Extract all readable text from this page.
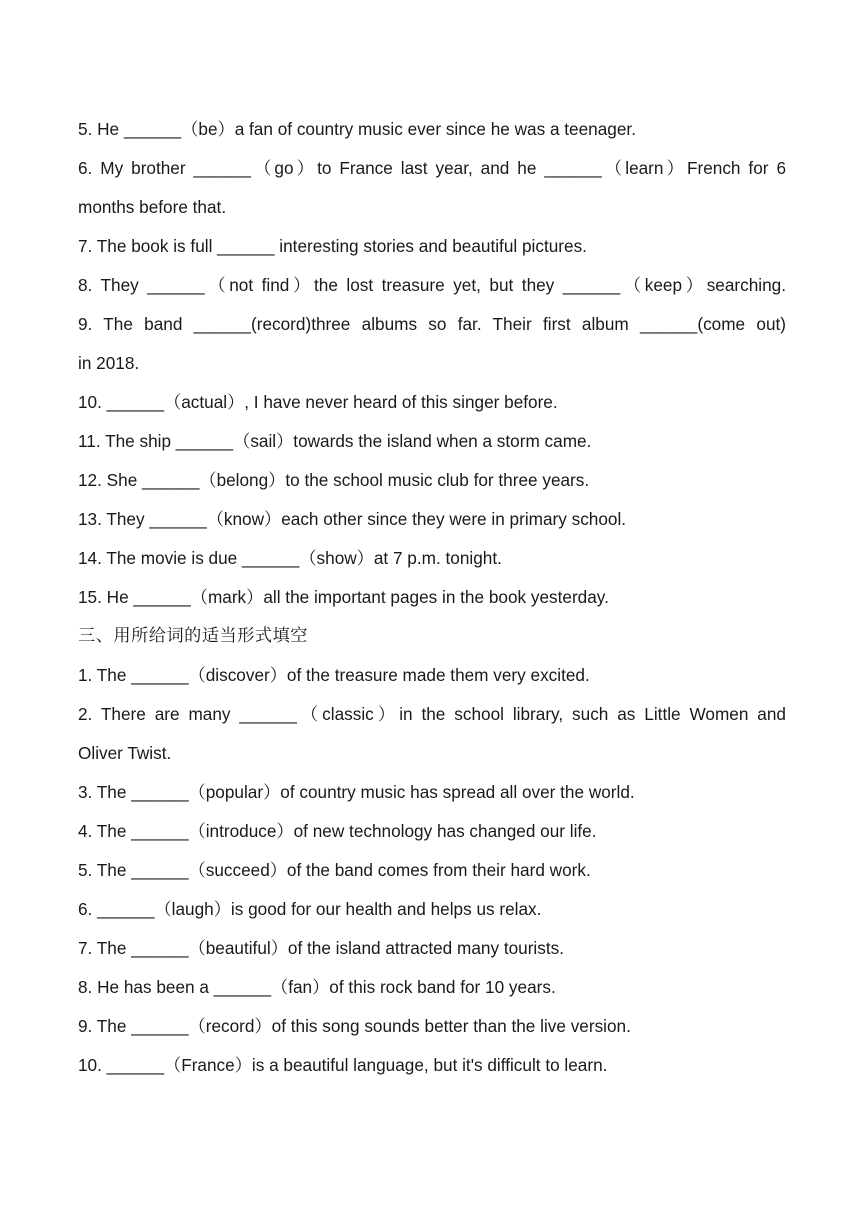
5. He ______（be）a fan of country music ever since he was a teenager.
6. My brother ______（go）to France last year, and he ______（learn）French for 6
months before that.
7. The book is full ______ interesting stories and beautiful pictures.
8. They ______（not find）the lost treasure yet, but they ______（keep）searching.
9. The band ______(record)three albums so far. Their first album ______(come out)
in 2018.
10. ______（actual）, I have never heard of this singer before.
11. The ship ______（sail）towards the island when a storm came.
12. She ______（belong）to the school music club for three years.
13. They ______（know）each other since they were in primary school.
14. The movie is due ______（show）at 7 p.m. tonight.
15. He ______（mark）all the important pages in the book yesterday.
三、用所给词的适当形式填空
1. The ______（discover）of the treasure made them very excited.
2. There are many ______（classic）in the school library, such as Little Women and
Oliver Twist.
3. The ______（popular）of country music has spread all over the world.
4. The ______（introduce）of new technology has changed our life.
5. The ______（succeed）of the band comes from their hard work.
6. ______（laugh）is good for our health and helps us relax.
7. The ______（beautiful）of the island attracted many tourists.
8. He has been a ______（fan）of this rock band for 10 years.
9. The ______（record）of this song sounds better than the live version.
10. ______（France）is a beautiful language, but it's difficult to learn.
